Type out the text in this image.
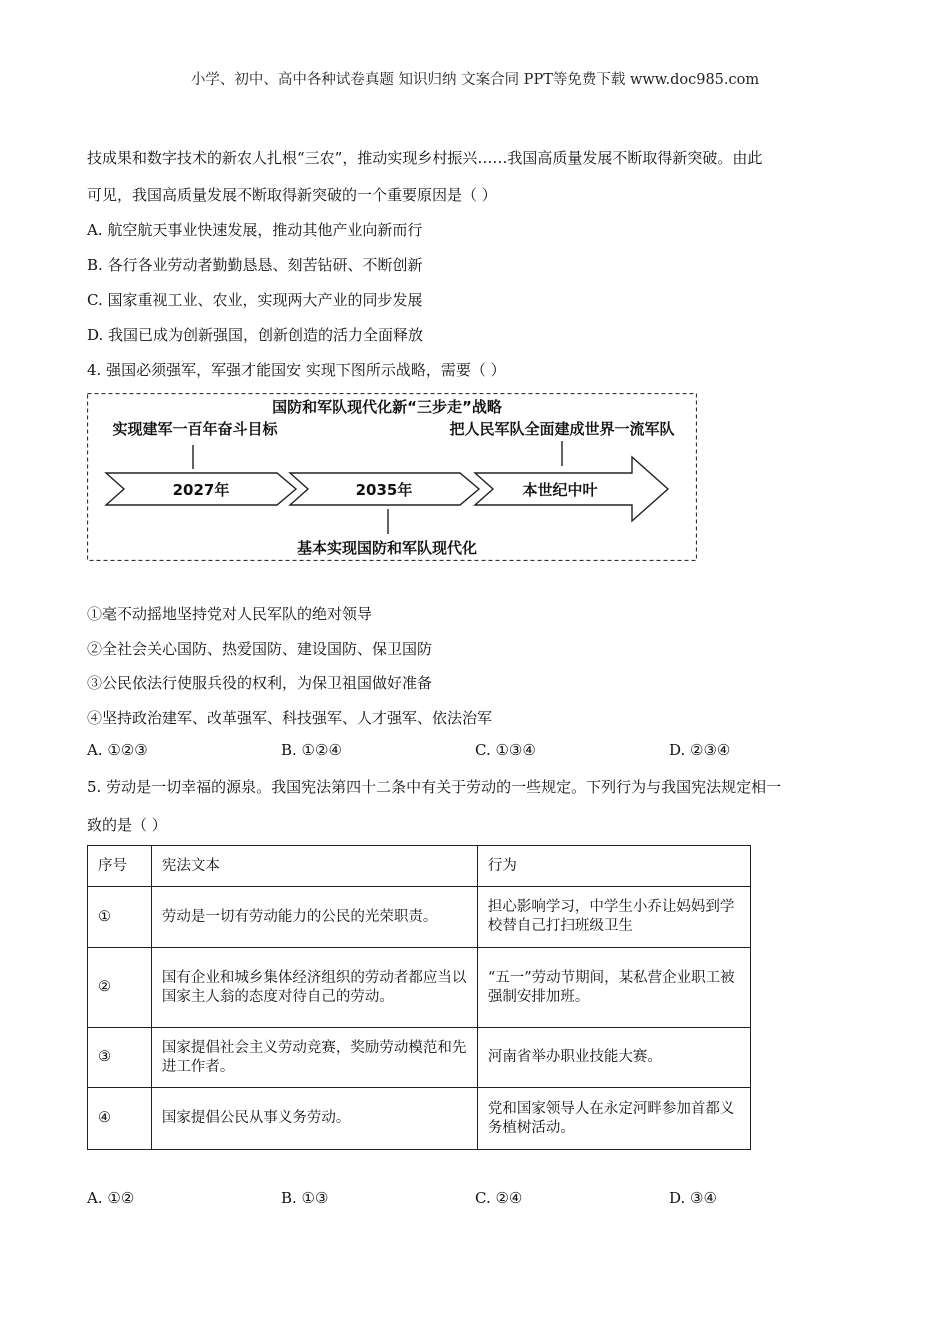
小学、初中、高中各种试卷真题 知识归纳 文案合同 PPT等免费下载 www.doc985.com
技成果和数字技术的新农人扎根“三农”，推动实现乡村振兴……我国高质量发展不断取得新突破。由此
可见，我国高质量发展不断取得新突破的一个重要原因是（ ）
A. 航空航天事业快速发展，推动其他产业向新而行
B. 各行各业劳动者勤勤恳恳、刻苦钻研、不断创新
C. 国家重视工业、农业，实现两大产业的同步发展
D. 我国已成为创新强国，创新创造的活力全面释放
4. 强国必须强军，军强才能国安 实现下图所示战略，需要（ ）
国防和军队现代化新“三步走”战略
实现建军一百年奋斗目标	把人民军队全面建成世界一流军队
2027年	2035年	本世纪中叶
基本实现国防和军队现代化
①毫不动摇地坚持党对人民军队的绝对领导
②全社会关心国防、热爱国防、建设国防、保卫国防
③公民依法行使服兵役的权利，为保卫祖国做好准备
④坚持政治建军、改革强军、科技强军、人才强军、依法治军
A. ①②③	B. ①②④	C. ①③④	D. ②③④
5. 劳动是一切幸福的源泉。我国宪法第四十二条中有关于劳动的一些规定。下列行为与我国宪法规定相一
致的是（ ）
序号	宪法文本	行为
①	劳动是一切有劳动能力的公民的光荣职责。	担心影响学习，中学生小乔让妈妈到学校替自己打扫班级卫生
②	国有企业和城乡集体经济组织的劳动者都应当以国家主人翁的态度对待自己的劳动。	“五一”劳动节期间，某私营企业职工被强制安排加班。
③	国家提倡社会主义劳动竞赛，奖励劳动模范和先进工作者。	河南省举办职业技能大赛。
④	国家提倡公民从事义务劳动。	党和国家领导人在永定河畔参加首都义务植树活动。
A. ①②	B. ①③	C. ②④	D. ③④
